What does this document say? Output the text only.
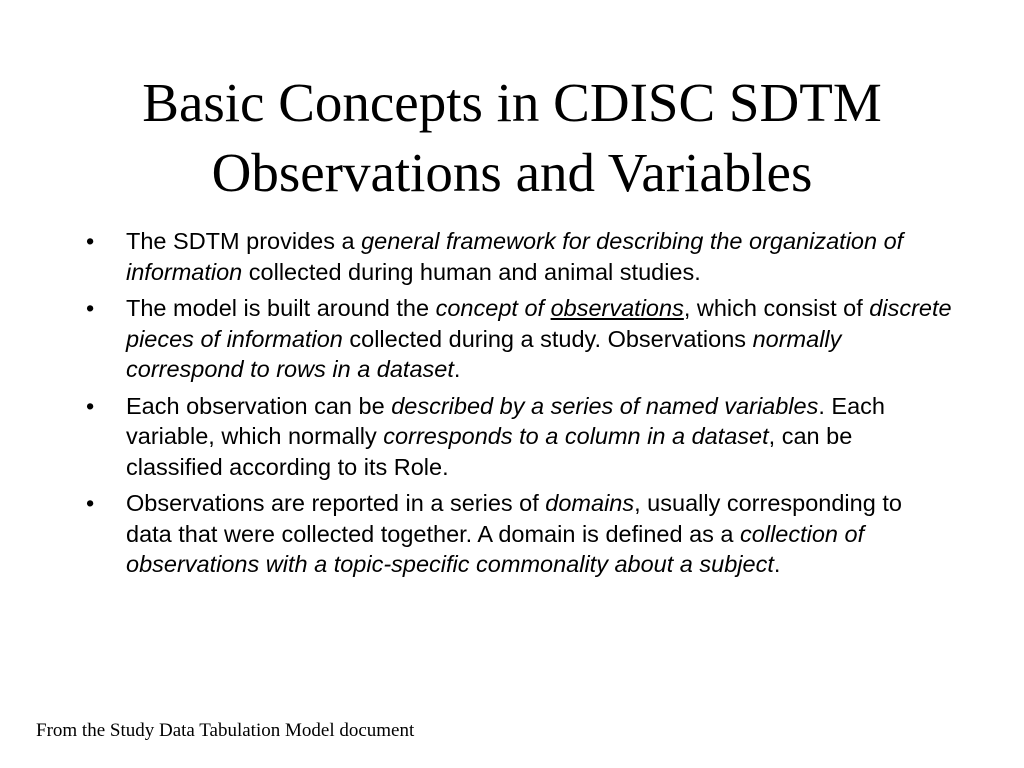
Basic Concepts in CDISC SDTM
Observations and Variables
• The SDTM provides a general framework for describing the organization of information collected during human and animal studies.
• The model is built around the concept of observations, which consist of discrete pieces of information collected during a study. Observations normally correspond to rows in a dataset.
• Each observation can be described by a series of named variables. Each variable, which normally corresponds to a column in a dataset, can be classified according to its Role.
• Observations are reported in a series of domains, usually corresponding to data that were collected together. A domain is defined as a collection of observations with a topic-specific commonality about a subject.
From the Study Data Tabulation Model document
